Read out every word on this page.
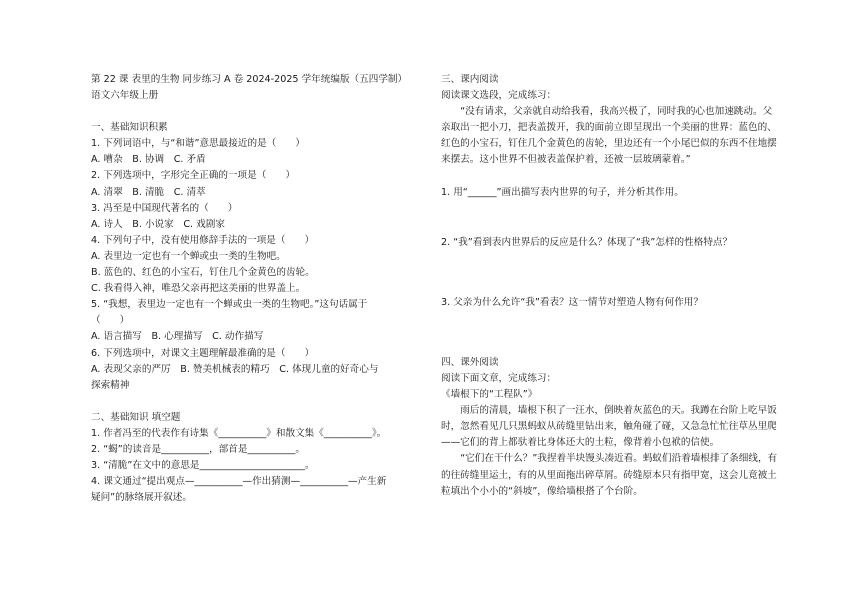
第 22 课 表里的生物 同步练习 A 卷 2024-2025 学年统编版（五四学制）

语文六年级上册

一、基础知识积累

1. 下列词语中，与“和谐”意思最接近的是（　　）

A. 嘈杂　B. 协调　C. 矛盾

2. 下列选项中，字形完全正确的一项是（　　）

A. 清翠　B. 清脆　C. 清萃

3. 冯至是中国现代著名的（　　）

A. 诗人　B. 小说家　C. 戏剧家

4. 下列句子中，没有使用修辞手法的一项是（　　）

A. 表里边一定也有一个蝉或虫一类的生物吧。

B. 蓝色的、红色的小宝石，钉住几个金黄色的齿轮。

C. 我看得入神，唯恐父亲再把这美丽的世界盖上。

5. “我想，表里边一定也有一个蝉或虫一类的生物吧。”这句话属于

（　　）

A. 语言描写　B. 心理描写　C. 动作描写

6. 下列选项中，对课文主题理解最准确的是（　　）

A. 表现父亲的严厉　B. 赞美机械表的精巧　C. 体现儿童的好奇心与

探索精神

二、基础知识 填空题

1. 作者冯至的代表作有诗集《__________》和散文集《__________》。

2. “蝎”的读音是__________，部首是__________。

3. “清脆”在文中的意思是______________________。

4. 课文通过“提出观点—__________—作出猜测—__________—产生新

疑问”的脉络展开叙述。

三、课内阅读

阅读课文选段，完成练习：

“没有请求，父亲就自动给我看，我高兴极了，同时我的心也加速跳动。父亲取出一把小刀，把表盖拨开，我的面前立即呈现出一个美丽的世界：蓝色的、红色的小宝石，钉住几个金黄色的齿轮，里边还有一个小尾巴似的东西不住地摆来摆去。这小世界不但被表盖保护着，还被一层玻璃蒙着。”

1. 用“______”画出描写表内世界的句子，并分析其作用。

2. “我”看到表内世界后的反应是什么？体现了“我”怎样的性格特点？

3. 父亲为什么允许“我”看表？这一情节对塑造人物有何作用？

四、课外阅读

阅读下面文章，完成练习：

《墙根下的“工程队”》

雨后的清晨，墙根下积了一汪水，倒映着灰蓝色的天。我蹲在台阶上吃早饭时，忽然看见几只黑蚂蚁从砖缝里钻出来，触角碰了碰，又急急忙忙往草丛里爬——它们的背上都驮着比身体还大的土粒，像背着小包袱的信使。

“它们在干什么？”我捏着半块馒头凑近看。蚂蚁们沿着墙根排了条细线，有的往砖缝里运土，有的从里面拖出碎草屑。砖缝原本只有指甲宽，这会儿竟被土粒填出个小小的“斜坡”，像给墙根搭了个台阶。
